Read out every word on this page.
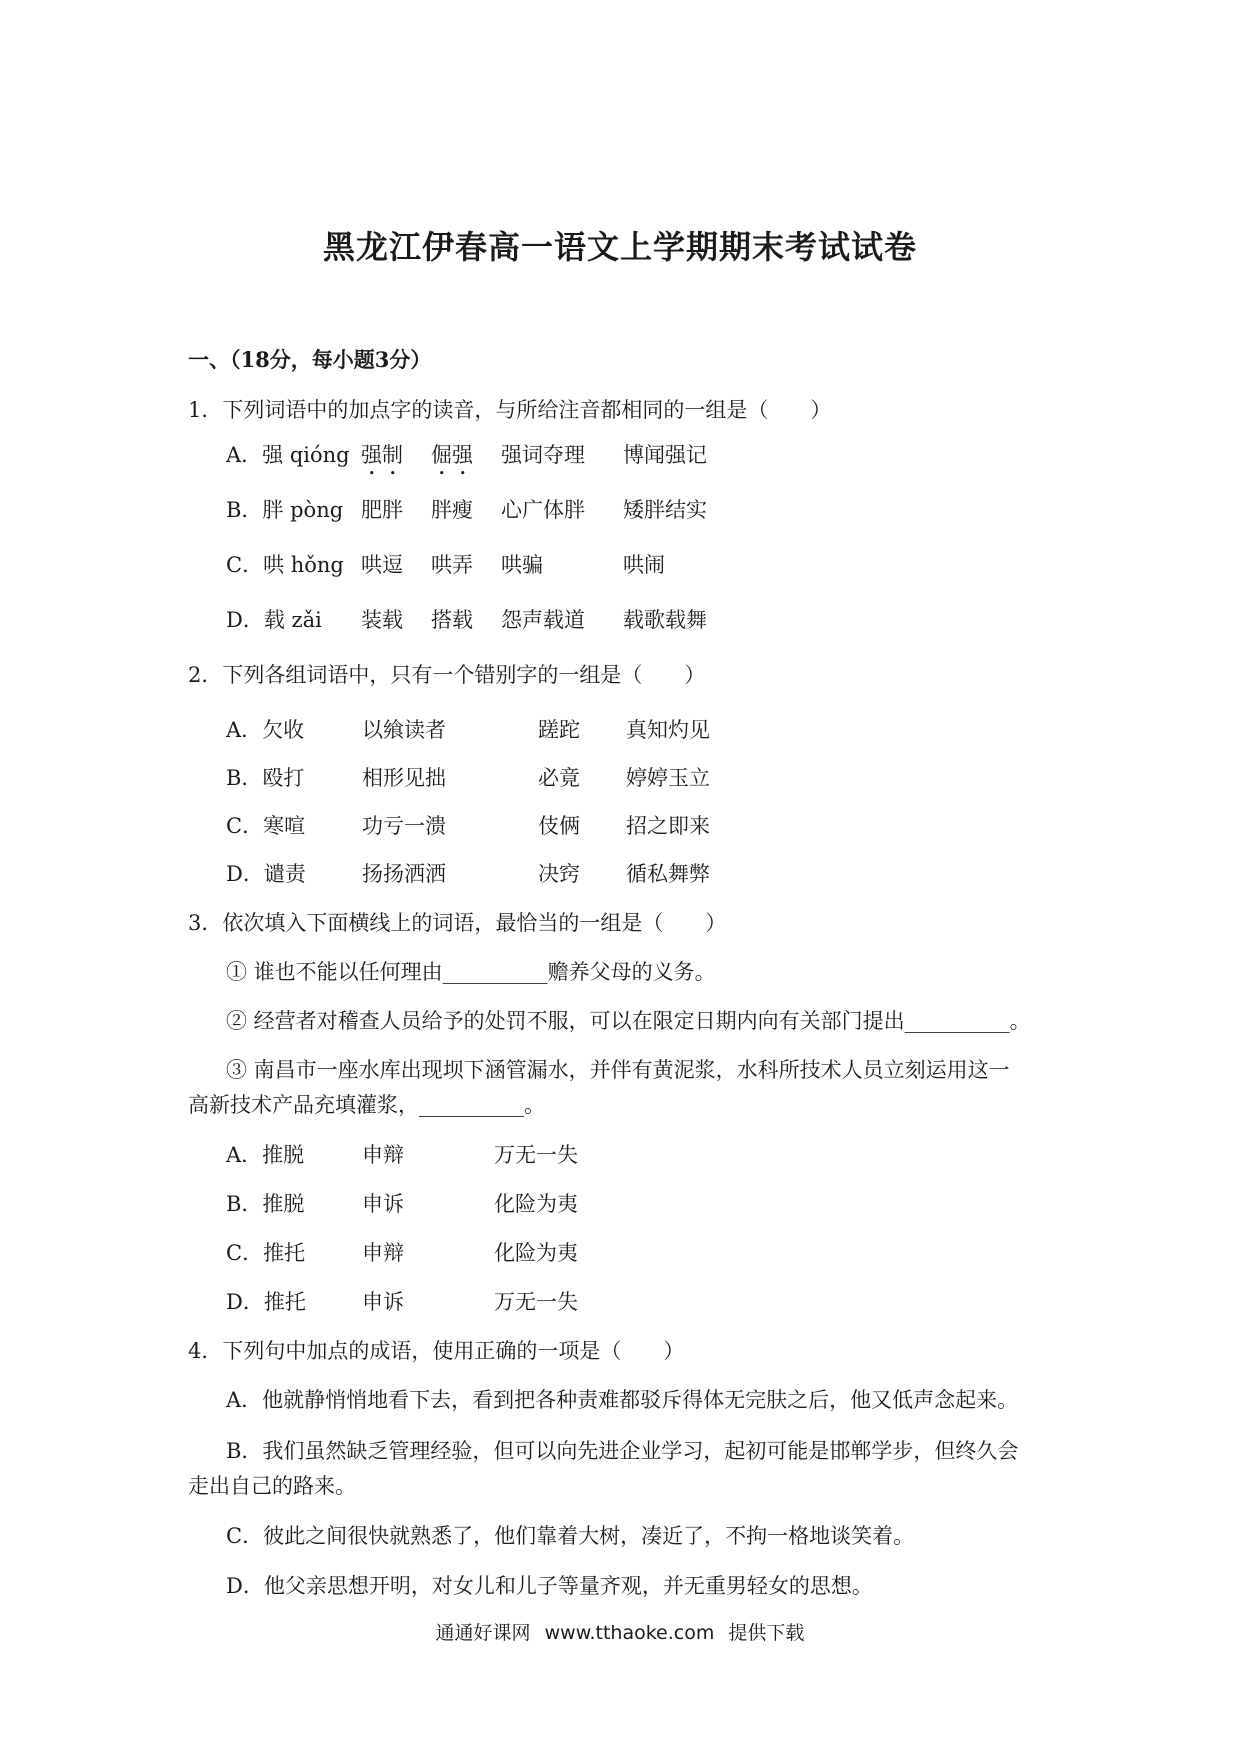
黑龙江伊春高一语文上学期期末考试试卷
一、（18分，每小题3分）
1．下列词语中的加点字的读音，与所给注音都相同的一组是（　　）
A．强 qióng 强制 倔强 强词夺理 博闻强记
B．胖 pòng 肥胖 胖瘦 心广体胖 矮胖结实
C．哄 hǒng 哄逗 哄弄 哄骗	哄闹
D．载 zǎi 装载 搭载 怨声载道 载歌载舞
2．下列各组词语中，只有一个错别字的一组是（　　）
A．欠收	以飨读者	蹉跎 真知灼见
B．殴打	相形见拙	必竟 婷婷玉立
C．寒喧	功亏一溃	伎俩 招之即来
D．谴责	扬扬洒洒	决窍 循私舞弊
3．依次填入下面横线上的词语，最恰当的一组是（　　）
① 谁也不能以任何理由__________赡养父母的义务。
② 经营者对稽查人员给予的处罚不服，可以在限定日期内向有关部门提出__________。
③ 南昌市一座水库出现坝下涵管漏水，并伴有黄泥浆，水科所技术人员立刻运用这一
高新技术产品充填灌浆，__________。
A．推脱	申辩	万无一失
B．推脱	申诉	化险为夷
C．推托	申辩	化险为夷
D．推托	申诉	万无一失
4．下列句中加点的成语，使用正确的一项是（　　）
A．他就静悄悄地看下去，看到把各种责难都驳斥得体无完肤之后，他又低声念起来。
B．我们虽然缺乏管理经验，但可以向先进企业学习，起初可能是邯郸学步，但终久会
走出自己的路来。
C．彼此之间很快就熟悉了，他们靠着大树，凑近了，不拘一格地谈笑着。
D．他父亲思想开明，对女儿和儿子等量齐观，并无重男轻女的思想。
通通好课网 www.tthaoke.com 提供下载
